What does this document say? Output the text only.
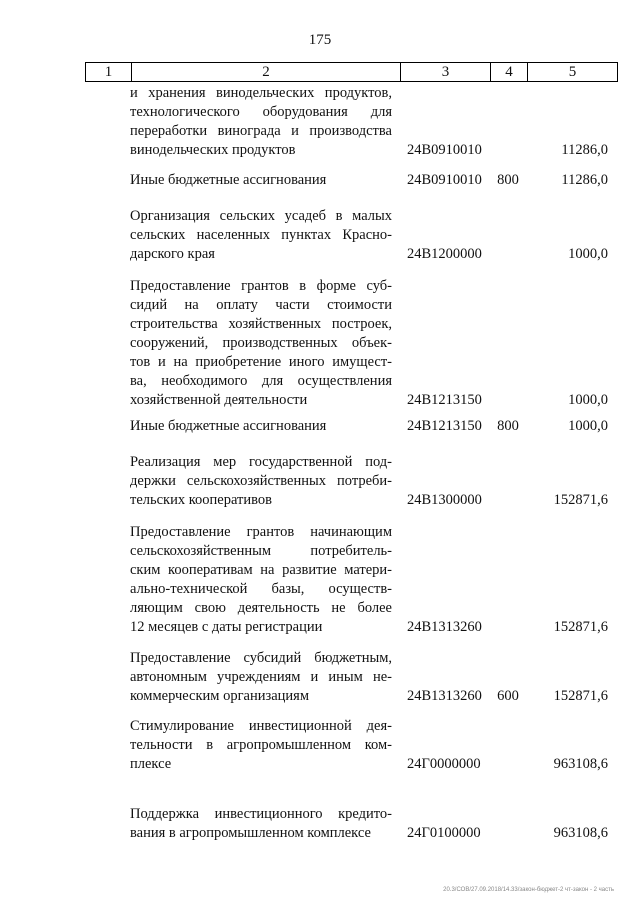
175
1	2	3	4	5
и хранения винодельческих продуктов,
технологического оборудования для
переработки винограда и производства
винодельческих продуктов	24В0910010	11286,0
Иные бюджетные ассигнования	24В0910010 800	11286,0
Организация сельских усадеб в малых
сельских населенных пунктах Красно-
дарского края	24В1200000	1000,0
Предоставление грантов в форме суб-
сидий на оплату части стоимости
строительства хозяйственных построек,
сооружений, производственных объек-
тов и на приобретение иного имущест-
ва, необходимого для осуществления
хозяйственной деятельности	24В1213150	1000,0
Иные бюджетные ассигнования	24В1213150 800	1000,0
Реализация мер государственной под-
держки сельскохозяйственных потреби-
тельских кооперативов	24В1300000	152871,6
Предоставление грантов начинающим
сельскохозяйственным потребитель-
ским кооперативам на развитие матери-
ально-технической базы, осуществ-
ляющим свою деятельность не более
12 месяцев с даты регистрации	24В1313260	152871,6
Предоставление субсидий бюджетным,
автономным учреждениям и иным не-
коммерческим организациям	24В1313260 600 152871,6
Стимулирование инвестиционной дея-
тельности в агропромышленном ком-
плексе	24Г0000000	963108,6
Поддержка инвестиционного кредито-
вания в агропромышленном комплексе	24Г0100000	963108,6
20.3/СОВ/27.09.2018/14.33/закон-бюджет-2 чт-закон - 2 часть
